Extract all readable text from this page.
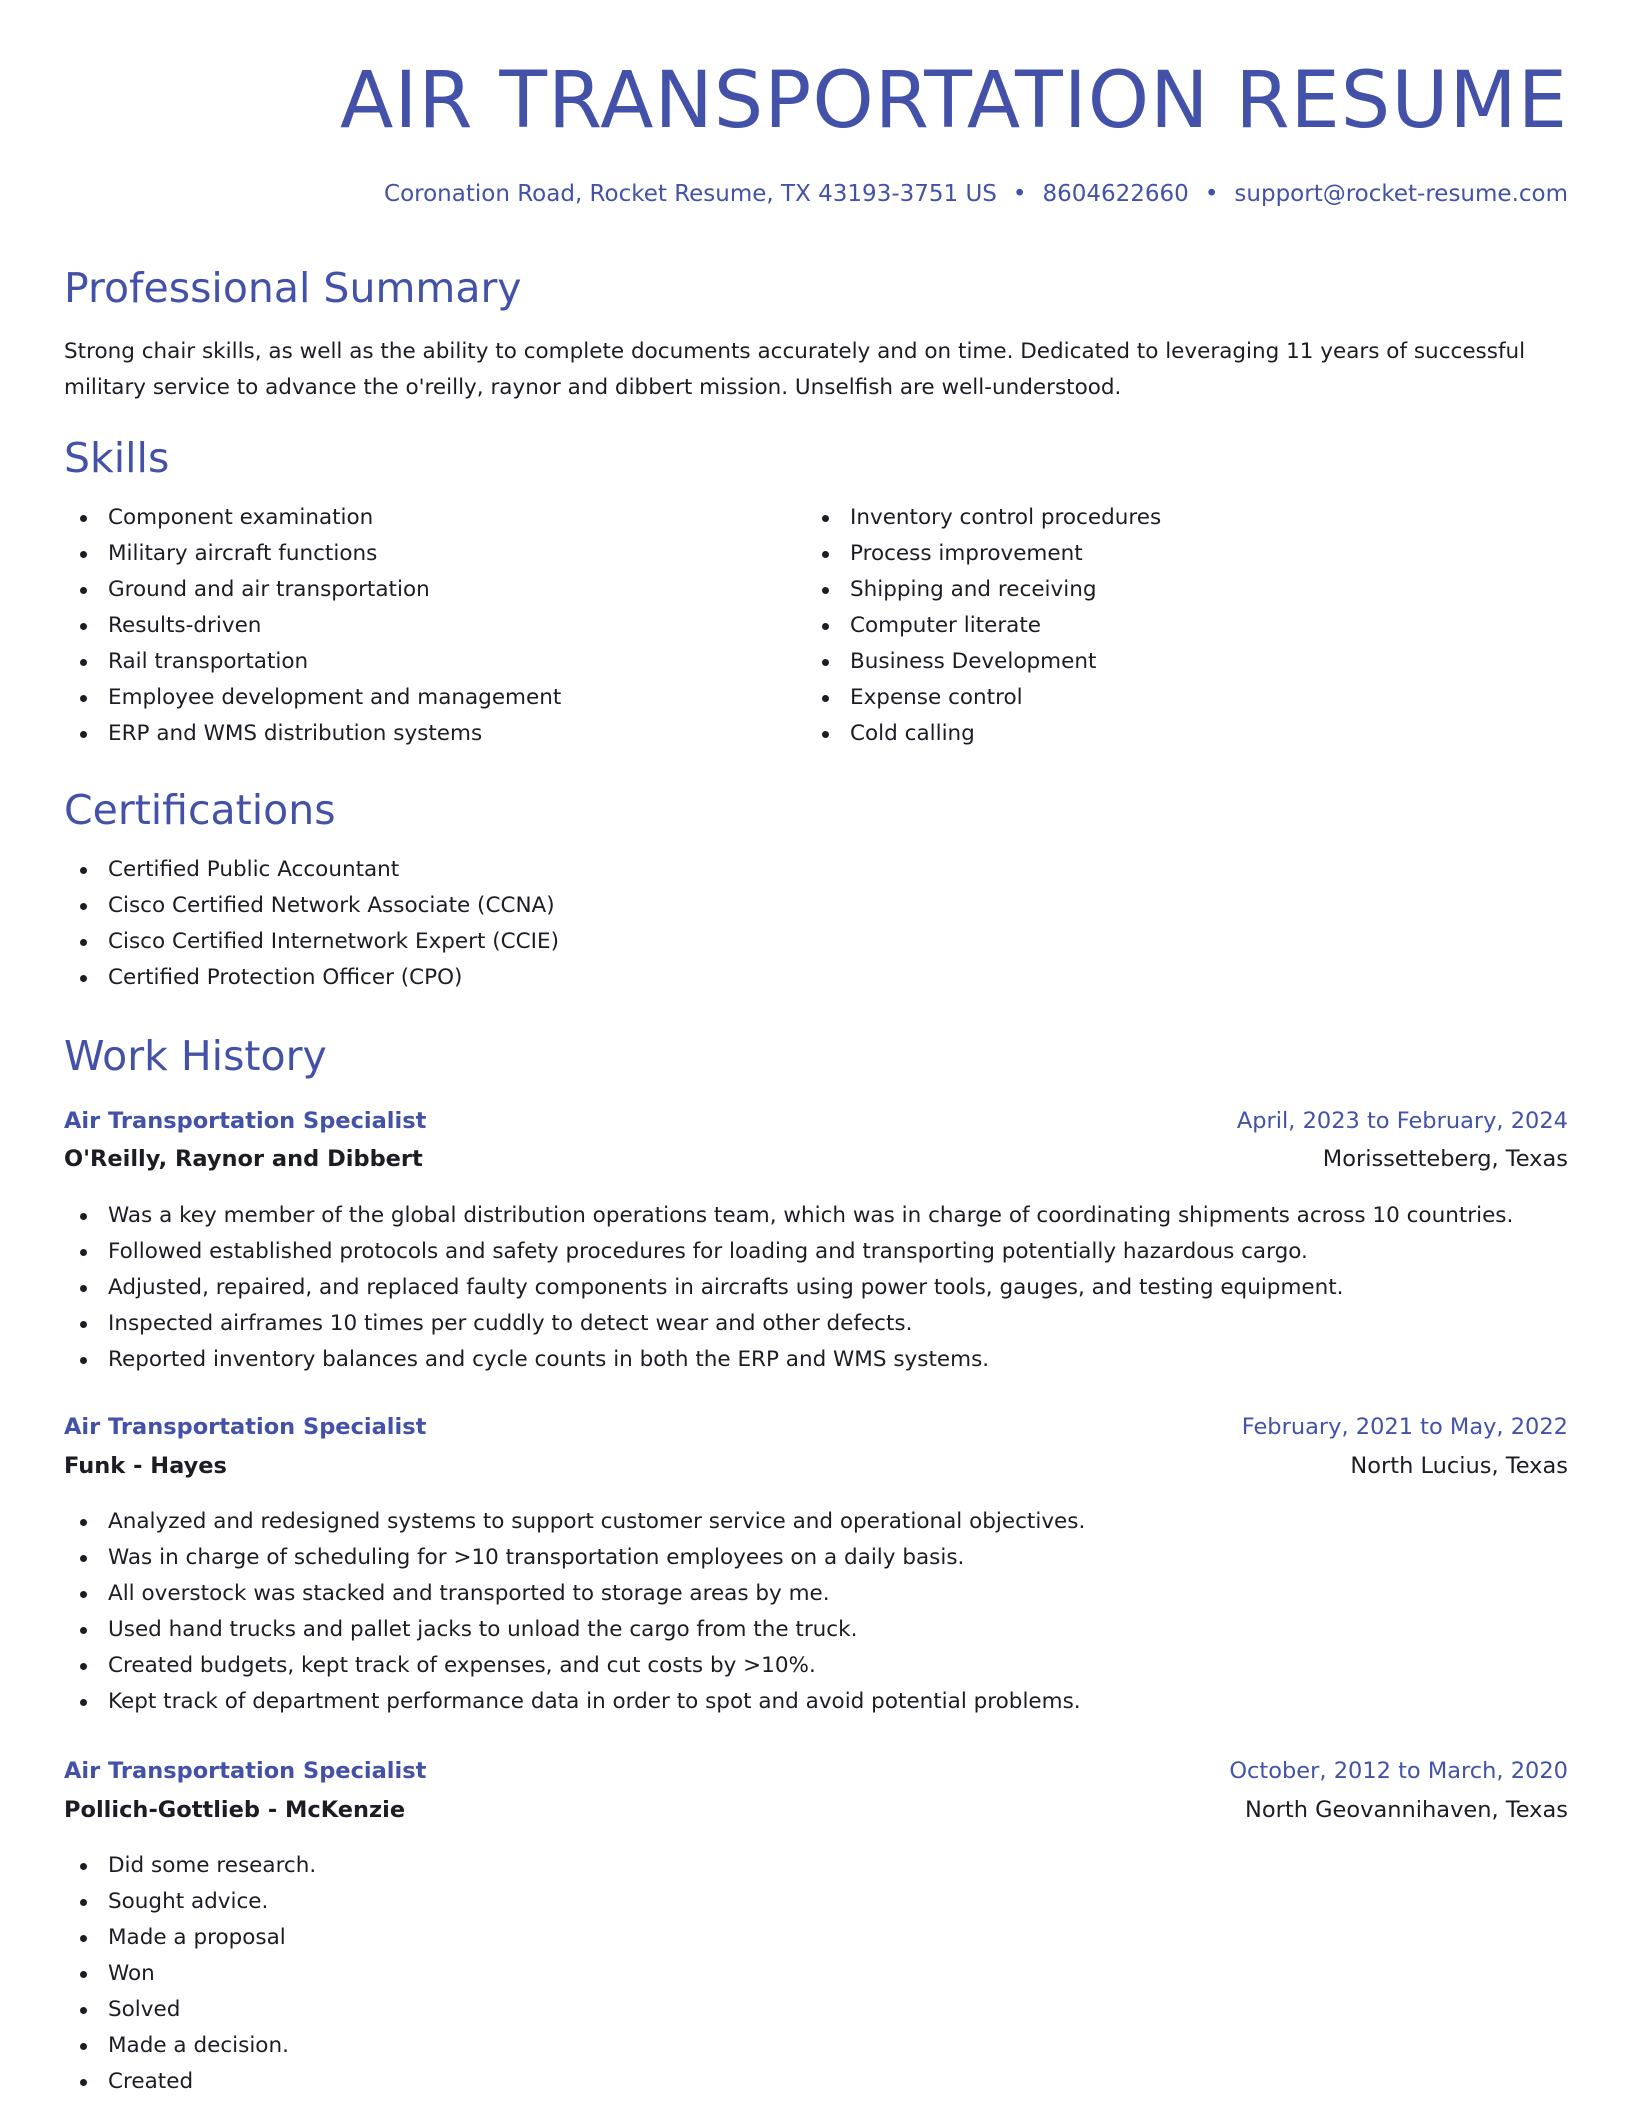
AIR TRANSPORTATION RESUME
Coronation Road, Rocket Resume, TX 43193-3751 US • 8604622660 • support@rocket-resume.com
Professional Summary

Strong chair skills, as well as the ability to complete documents accurately and on time. Dedicated to leveraging 11 years of successful military service to advance the o'reilly, raynor and dibbert mission. Unselfish are well-understood.

Skills
Component examination
Military aircraft functions
Ground and air transportation
Results-driven
Rail transportation
Employee development and management
ERP and WMS distribution systems
Inventory control procedures
Process improvement
Shipping and receiving
Computer literate
Business Development
Expense control
Cold calling
Certifications
Certified Public Accountant
Cisco Certified Network Associate (CCNA)
Cisco Certified Internetwork Expert (CCIE)
Certified Protection Officer (CPO)
Work History
Air Transportation Specialist	April, 2023 to February, 2024
O'Reilly, Raynor and Dibbert	Morissetteberg, Texas
Was a key member of the global distribution operations team, which was in charge of coordinating shipments across 10 countries.
Followed established protocols and safety procedures for loading and transporting potentially hazardous cargo.
Adjusted, repaired, and replaced faulty components in aircrafts using power tools, gauges, and testing equipment.
Inspected airframes 10 times per cuddly to detect wear and other defects.
Reported inventory balances and cycle counts in both the ERP and WMS systems.
Air Transportation Specialist	February, 2021 to May, 2022
Funk - Hayes	North Lucius, Texas
Analyzed and redesigned systems to support customer service and operational objectives.
Was in charge of scheduling for >10 transportation employees on a daily basis.
All overstock was stacked and transported to storage areas by me.
Used hand trucks and pallet jacks to unload the cargo from the truck.
Created budgets, kept track of expenses, and cut costs by >10%.
Kept track of department performance data in order to spot and avoid potential problems.
Air Transportation Specialist	October, 2012 to March, 2020
Pollich-Gottlieb - McKenzie	North Geovannihaven, Texas
Did some research.
Sought advice.
Made a proposal
Won
Solved
Made a decision.
Created
